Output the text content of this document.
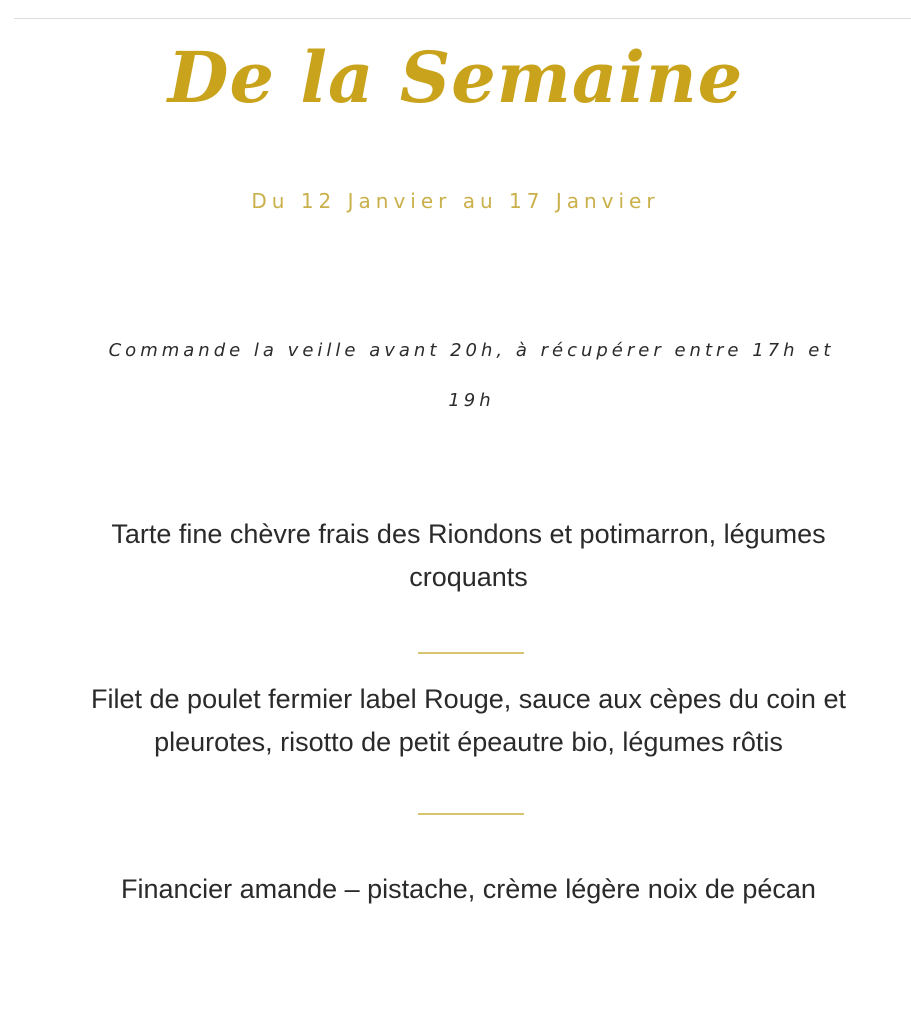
De la Semaine
Du 12 Janvier au 17 Janvier

Commande la veille avant 20h, à récupérer entre 17h et 19h

Tarte fine chèvre frais des Riondons et potimarron, légumes croquants

Filet de poulet fermier label Rouge, sauce aux cèpes du coin et pleurotes, risotto de petit épeautre bio, légumes rôtis

Financier amande – pistache, crème légère noix de pécan
